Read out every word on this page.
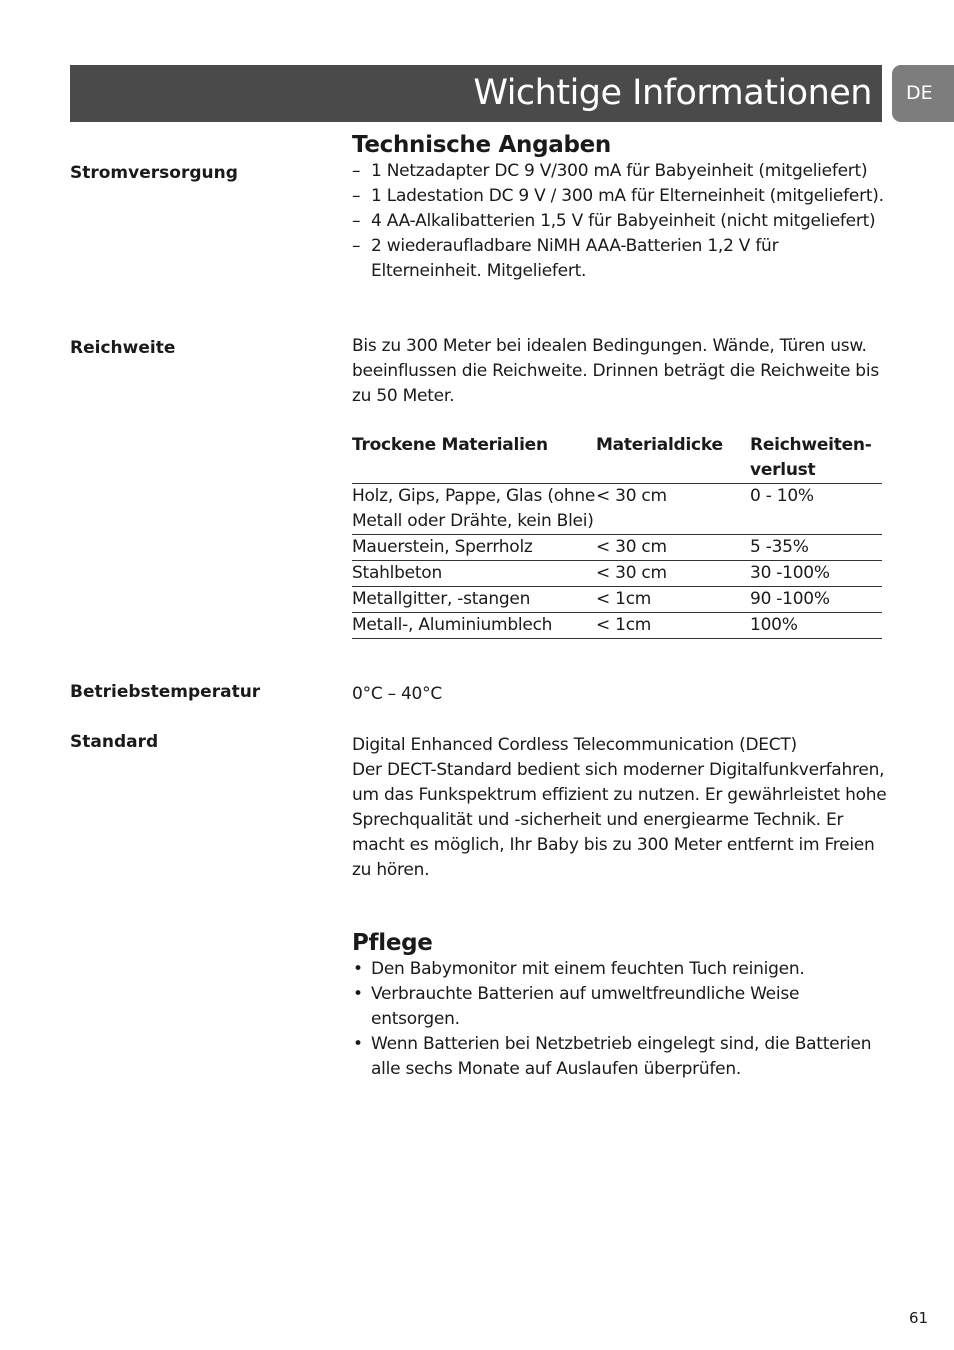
Wichtige Informationen	DE
Technische Angaben
Stromversorgung	– 1 Netzadapter DC 9 V/300 mA für Babyeinheit (mitgeliefert)
– 1 Ladestation DC 9 V / 300 mA für Elterneinheit (mitgeliefert).
– 4 AA-Alkalibatterien 1,5 V für Babyeinheit (nicht mitgeliefert)
– 2 wiederaufladbare NiMH AAA-Batterien 1,2 V für Elterneinheit. Mitgeliefert.
Reichweite	Bis zu 300 Meter bei idealen Bedingungen. Wände, Türen usw. beeinflussen die Reichweite. Drinnen beträgt die Reichweite bis zu 50 Meter.

Trockene Materialien	Materialdicke	Reichweiten-verlust
Holz, Gips, Pappe, Glas (ohne Metall oder Drähte, kein Blei)	< 30 cm	0 - 10%
Mauerstein, Sperrholz	< 30 cm	5 -35%
Stahlbeton	< 30 cm	30 -100%
Metallgitter, -stangen	< 1cm	90 -100%
Metall-, Aluminiumblech	< 1cm	100%
Betriebstemperatur	0°C – 40°C

Standard	Digital Enhanced Cordless Telecommunication (DECT)
Der DECT-Standard bedient sich moderner Digitalfunkverfahren, um das Funkspektrum effizient zu nutzen. Er gewährleistet hohe Sprechqualität und -sicherheit und energiearme Technik. Er macht es möglich, Ihr Baby bis zu 300 Meter entfernt im Freien zu hören.

Pflege
• Den Babymonitor mit einem feuchten Tuch reinigen.
• Verbrauchte Batterien auf umweltfreundliche Weise entsorgen.
• Wenn Batterien bei Netzbetrieb eingelegt sind, die Batterien alle sechs Monate auf Auslaufen überprüfen.
61
